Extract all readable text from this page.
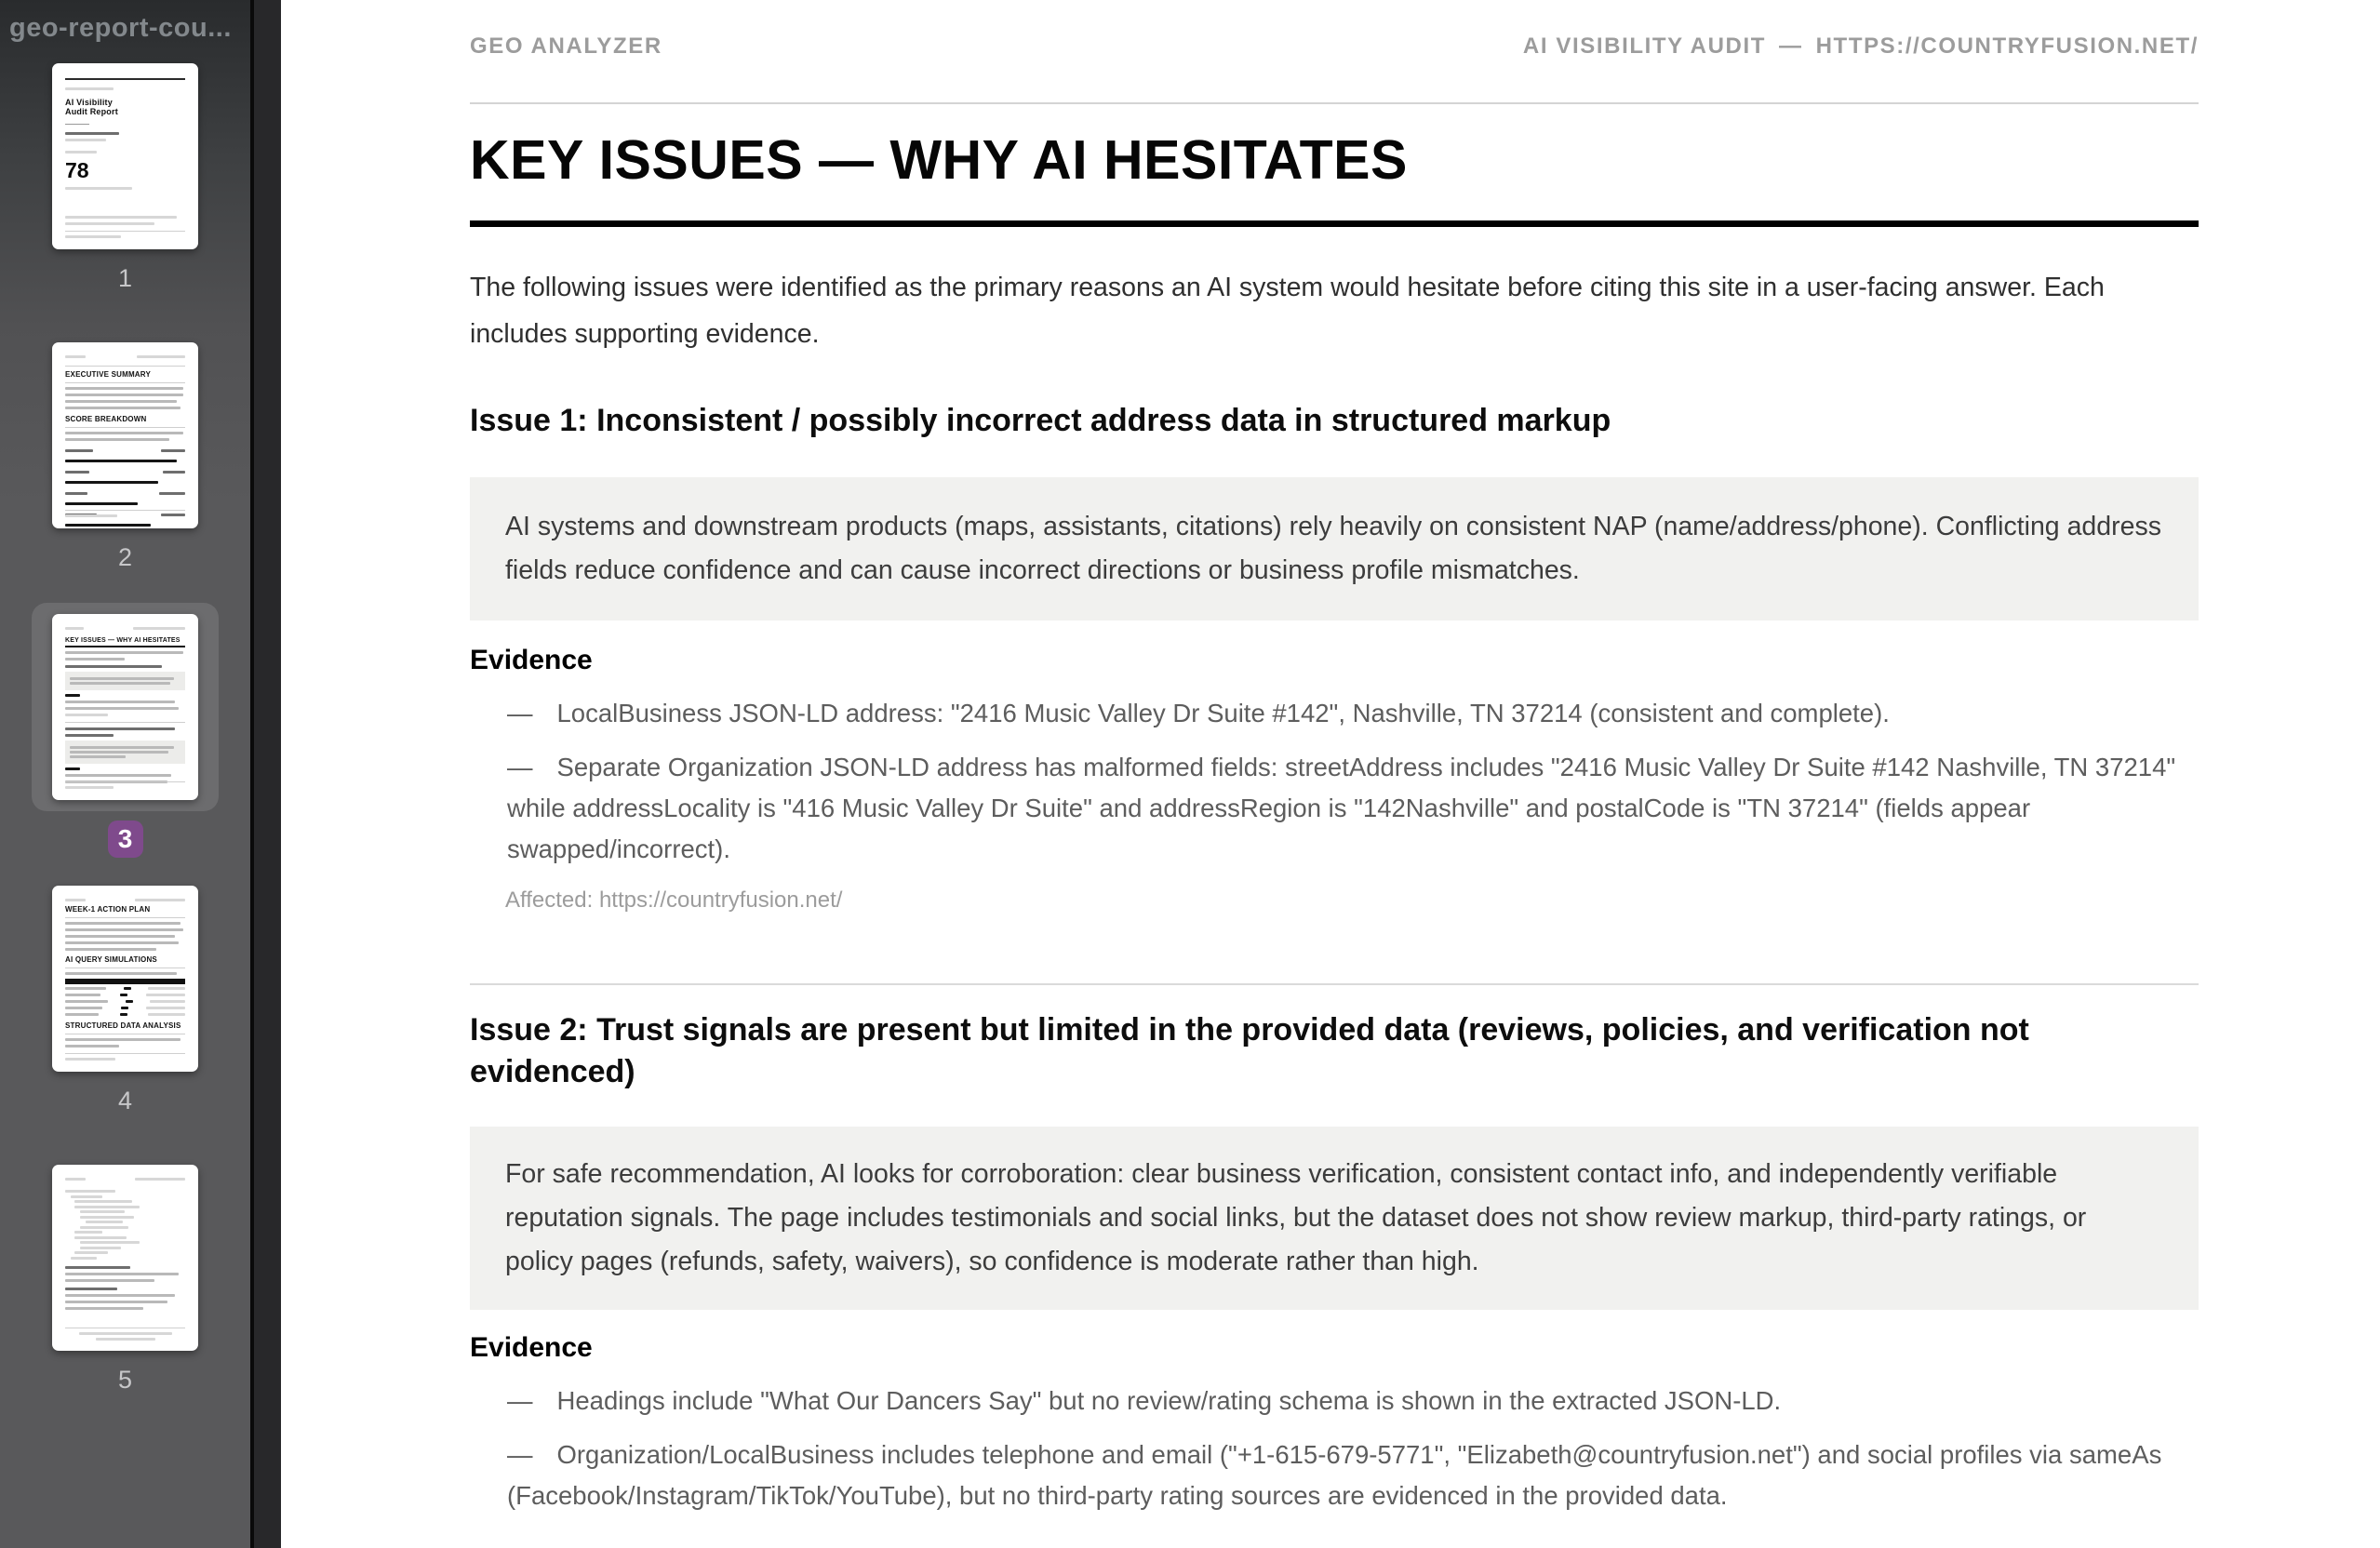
geo-report-cou...
AI Visibility
Audit Report
78
1
EXECUTIVE SUMMARY
SCORE BREAKDOWN
2
KEY ISSUES — WHY AI HESITATES
3
WEEK-1 ACTION PLAN
AI QUERY SIMULATIONS
STRUCTURED DATA ANALYSIS
4
5
GEO ANALYZER	AI VISIBILITY AUDIT — HTTPS://COUNTRYFUSION.NET/
KEY ISSUES — WHY AI HESITATES

The following issues were identified as the primary reasons an AI system would hesitate before citing this site in a user-facing answer. Each includes supporting evidence.

Issue 1: Inconsistent / possibly incorrect address data in structured markup
AI systems and downstream products (maps, assistants, citations) rely heavily on consistent NAP (name/address/phone). Conflicting address fields reduce confidence and can cause incorrect directions or business profile mismatches.
Evidence
— LocalBusiness JSON-LD address: "2416 Music Valley Dr Suite #142", Nashville, TN 37214 (consistent and complete).
— Separate Organization JSON-LD address has malformed fields: streetAddress includes "2416 Music Valley Dr Suite #142 Nashville, TN 37214" while addressLocality is "416 Music Valley Dr Suite" and addressRegion is "142Nashville" and postalCode is "TN 37214" (fields appear swapped/incorrect).
Affected: https://countryfusion.net/
Issue 2: Trust signals are present but limited in the provided data (reviews, policies, and verification not evidenced)
For safe recommendation, AI looks for corroboration: clear business verification, consistent contact info, and independently verifiable reputation signals. The page includes testimonials and social links, but the dataset does not show review markup, third-party ratings, or policy pages (refunds, safety, waivers), so confidence is moderate rather than high.
Evidence
— Headings include "What Our Dancers Say" but no review/rating schema is shown in the extracted JSON-LD.
— Organization/LocalBusiness includes telephone and email ("+1-615-679-5771", "Elizabeth@countryfusion.net") and social profiles via sameAs (Facebook/Instagram/TikTok/YouTube), but no third-party rating sources are evidenced in the provided data.
